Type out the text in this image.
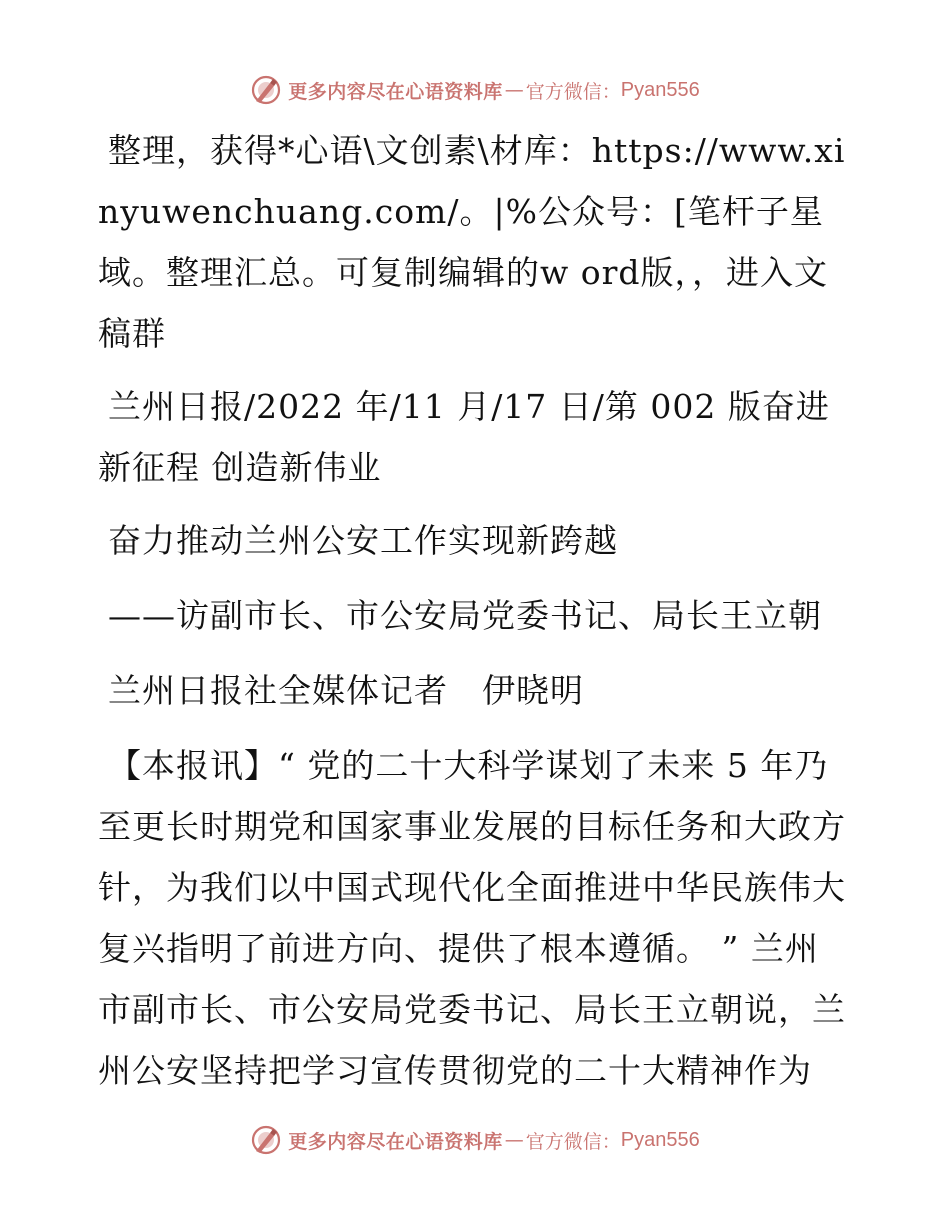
更多内容尽在心语资料库 — 官方微信： Pyan556

整理，获得*心语\文创素\材库：https://www.xinyuwenchuang.com/。|%公众号：[笔杆子星域。整理汇总。可复制编辑的w ord版，，进入文稿群

兰州日报/2022 年/11 月/17 日/第 002 版奋进新征程 创造新伟业

奋力推动兰州公安工作实现新跨越

——访副市长、市公安局党委书记、局长王立朝

兰州日报社全媒体记者　伊晓明

【本报讯】“ 党的二十大科学谋划了未来 5 年乃至更长时期党和国家事业发展的目标任务和大政方针，为我们以中国式现代化全面推进中华民族伟大复兴指明了前进方向、提供了根本遵循。 ” 兰州市副市长、市公安局党委书记、局长王立朝说，兰州公安坚持把学习宣传贯彻党的二十大精神作为

更多内容尽在心语资料库 — 官方微信： Pyan556
